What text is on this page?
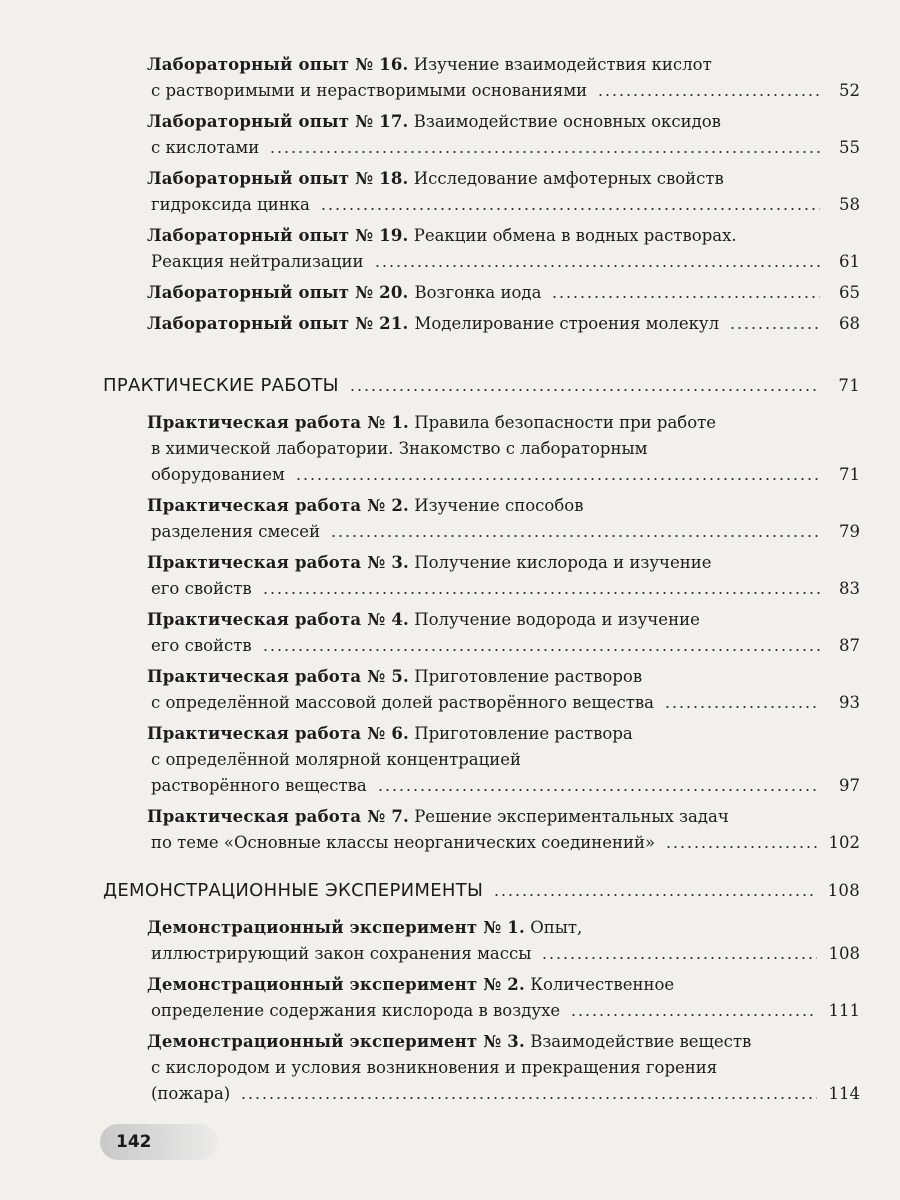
Лабораторный опыт № 16. Изучение взаимодействия кислот
с растворимыми и нерастворимыми основаниями	52
Лабораторный опыт № 17. Взаимодействие основных оксидов
с кислотами	55
Лабораторный опыт № 18. Исследование амфотерных свойств
гидроксида цинка	58
Лабораторный опыт № 19. Реакции обмена в водных растворах.
Реакция нейтрализации	61
Лабораторный опыт № 20. Возгонка иода	65
Лабораторный опыт № 21. Моделирование строения молекул	68
ПРАКТИЧЕСКИЕ РАБОТЫ	71
Практическая работа № 1. Правила безопасности при работе
в химической лаборатории. Знакомство с лабораторным
оборудованием	71
Практическая работа № 2. Изучение способов
разделения смесей	79
Практическая работа № 3. Получение кислорода и изучение
его свойств	83
Практическая работа № 4. Получение водорода и изучение
его свойств	87
Практическая работа № 5. Приготовление растворов
с определённой массовой долей растворённого вещества	93
Практическая работа № 6. Приготовление раствора
с определённой молярной концентрацией
растворённого вещества	97
Практическая работа № 7. Решение экспериментальных задач
по теме «Основные классы неорганических соединений»	102
ДЕМОНСТРАЦИОННЫЕ ЭКСПЕРИМЕНТЫ	108
Демонстрационный эксперимент № 1. Опыт,
иллюстрирующий закон сохранения массы	108
Демонстрационный эксперимент № 2. Количественное
определение содержания кислорода в воздухе	111
Демонстрационный эксперимент № 3. Взаимодействие веществ
с кислородом и условия возникновения и прекращения горения
(пожара)	114
142
